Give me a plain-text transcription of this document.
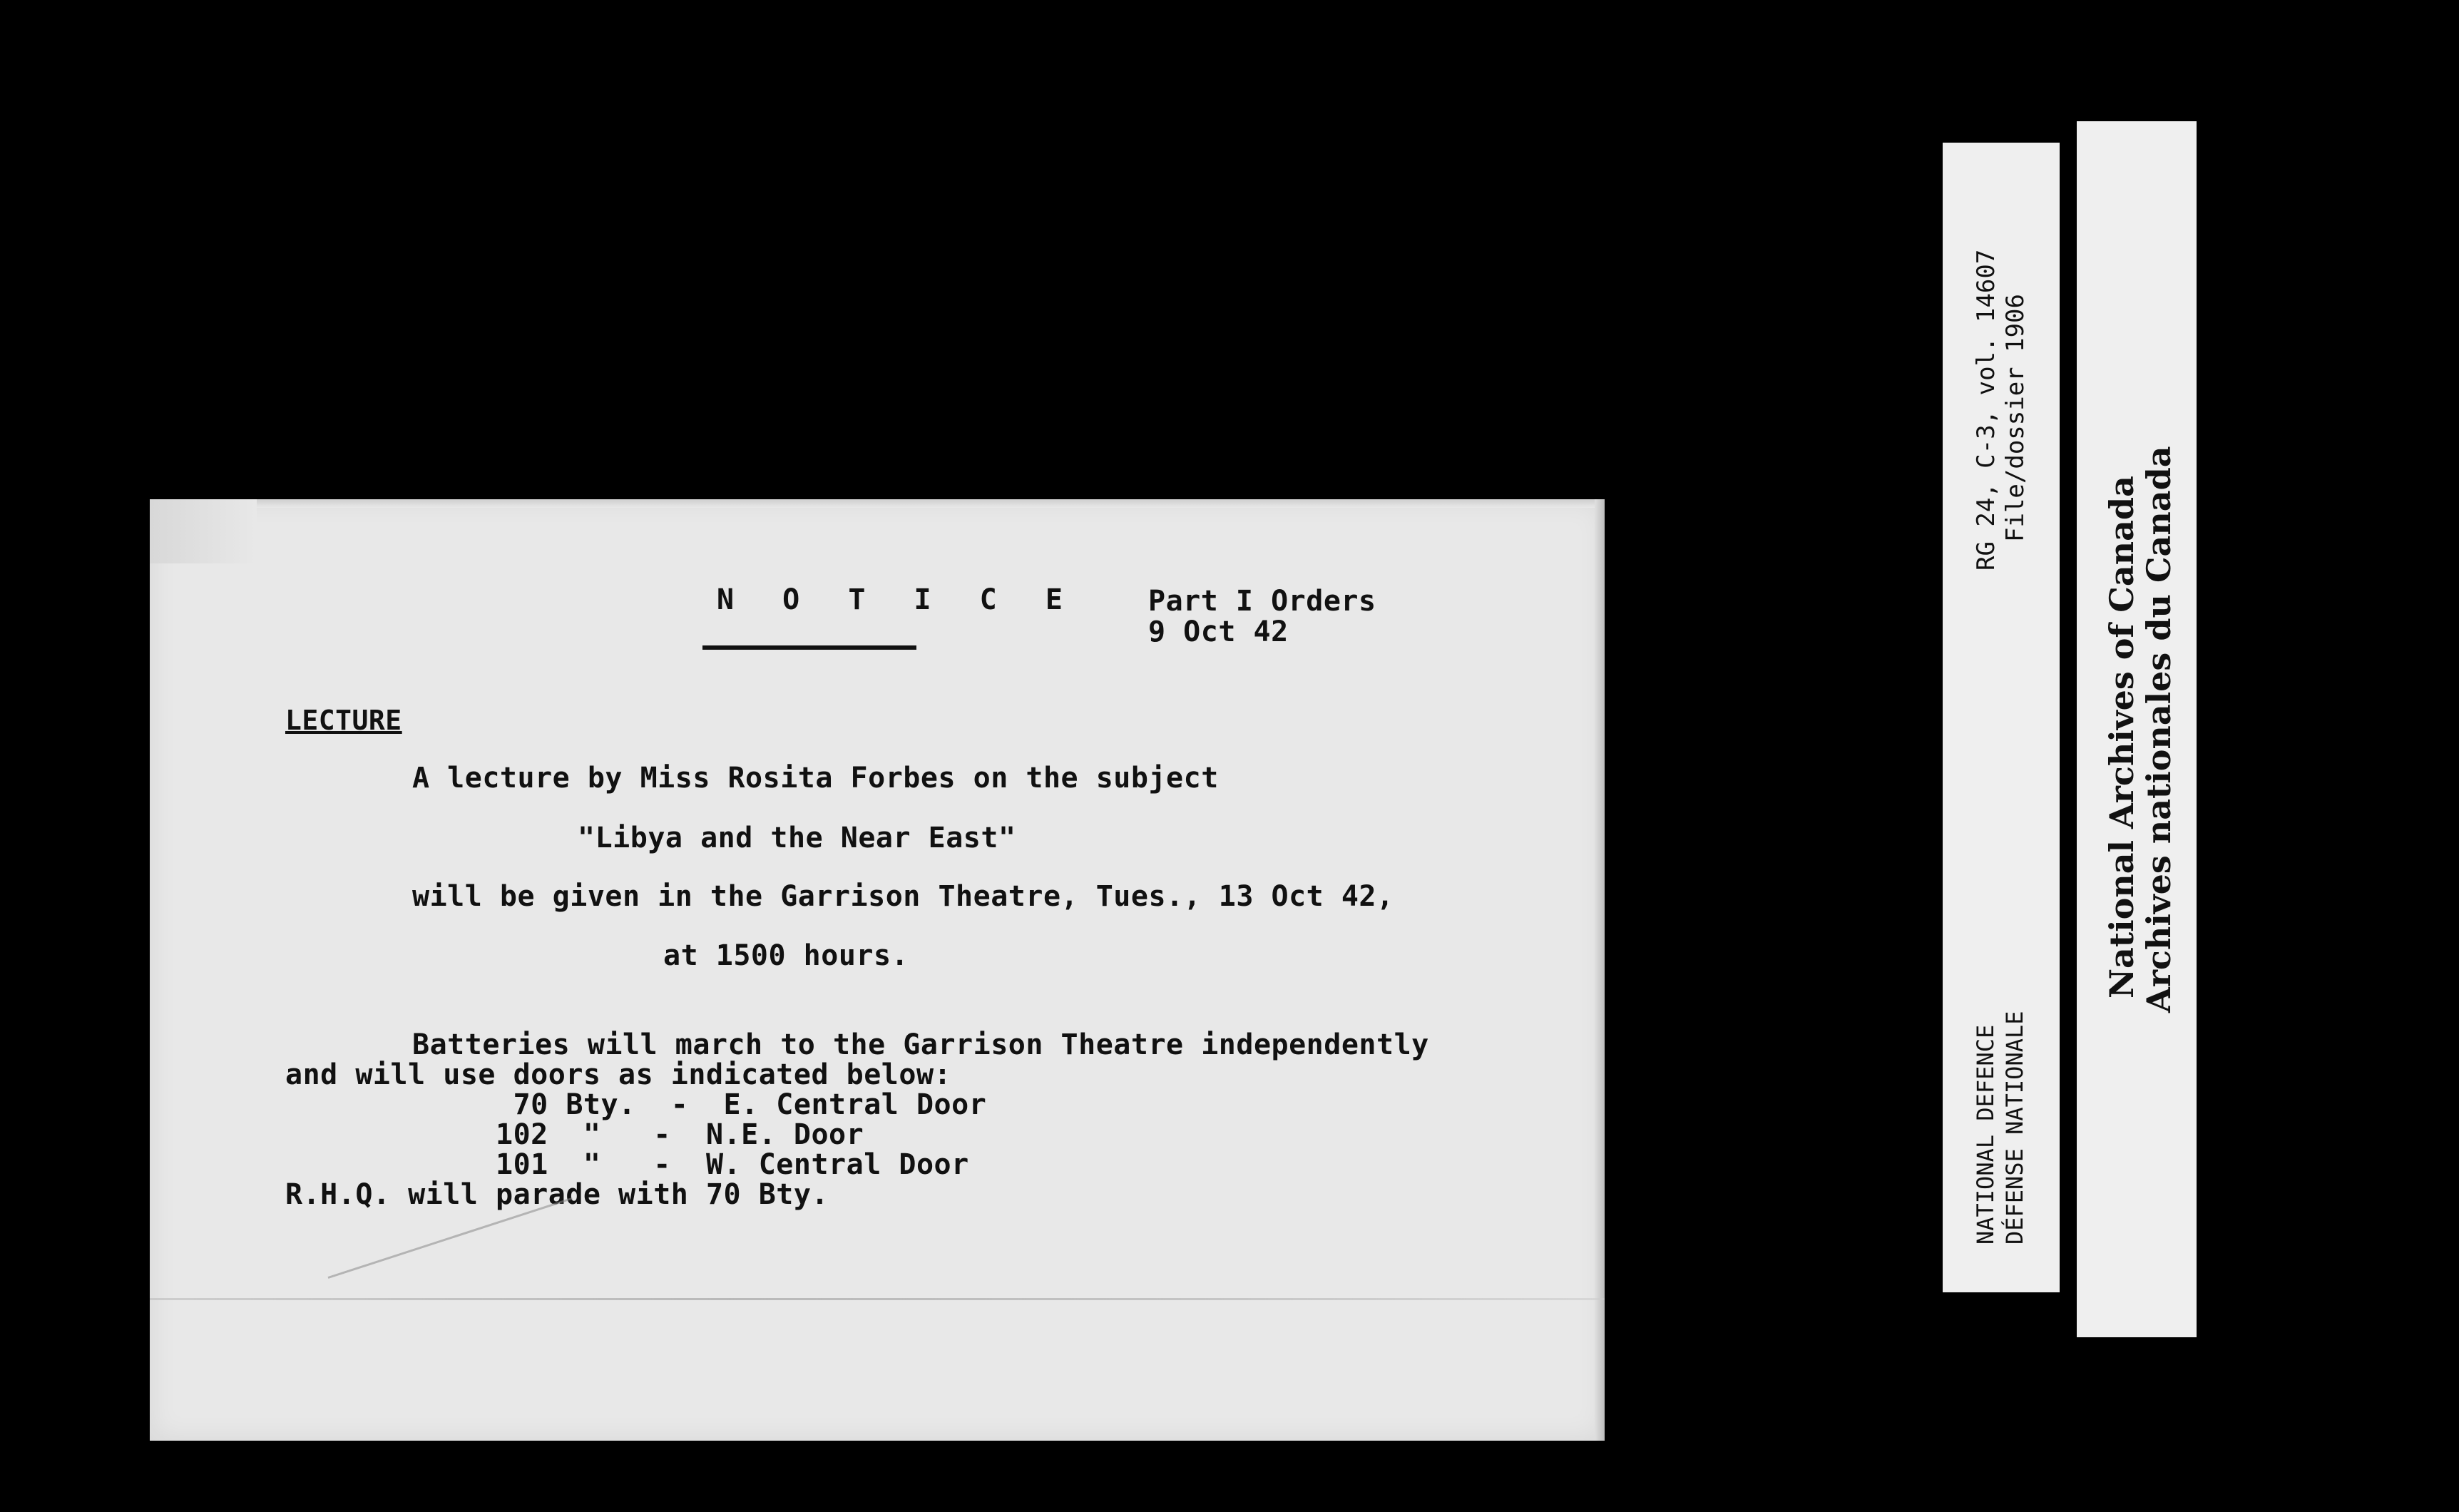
N O T I C E Part I Orders
9 Oct 42
LECTURE
A lecture by Miss Rosita Forbes on the subject
"Libya and the Near East"
will be given in the Garrison Theatre, Tues., 13 Oct 42,
at 1500 hours.
Batteries will march to the Garrison Theatre independently
and will use doors as indicated below:
70 Bty.  -  E. Central Door
102  "   -  N.E. Door
101  "   -  W. Central Door
R.H.Q. will parade with 70 Bty.
RG 24, C-3, vol. 14607 File/dossier 1906
NATIONAL DEFENCE DÉFENSE NATIONALE
National Archives of Canada
Archives nationales du Canada
